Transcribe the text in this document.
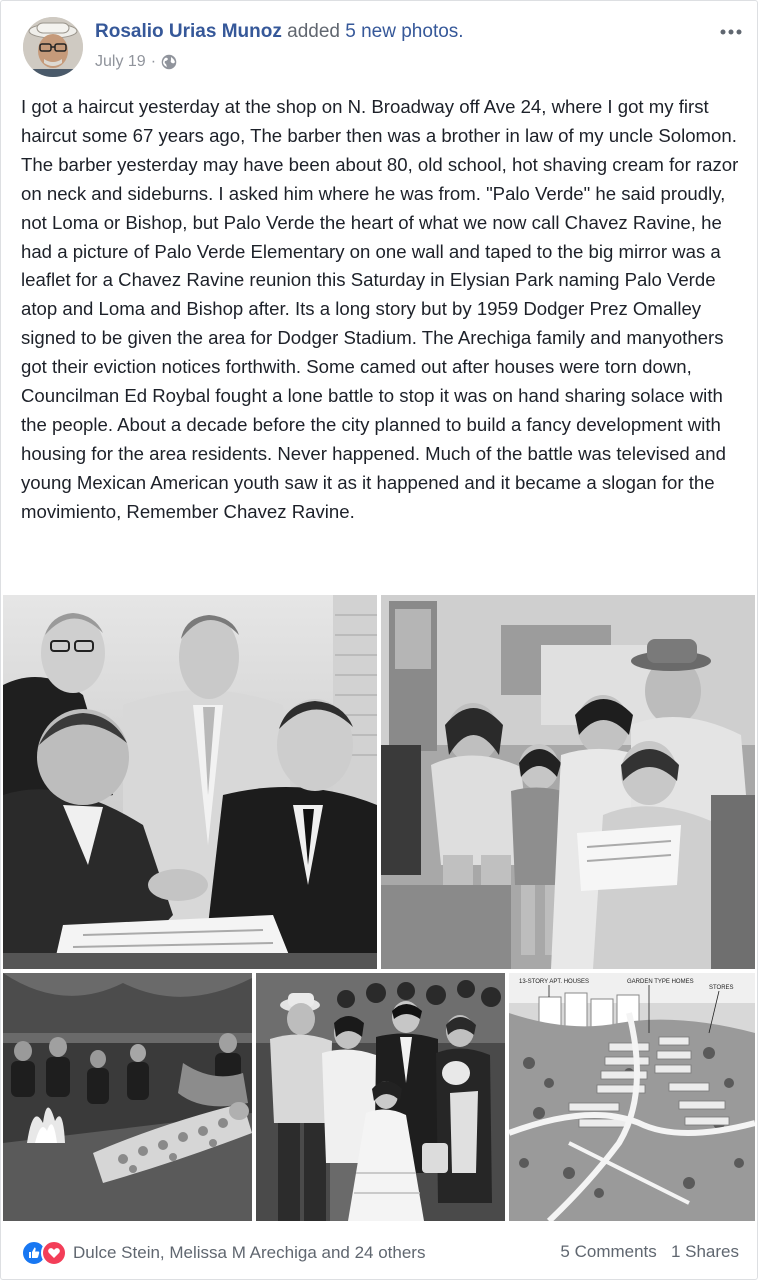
Rosalio Urias Munoz added 5 new photos.
July 19 ·
I got a haircut yesterday at the shop on N. Broadway off Ave 24, where I got my first haircut some 67 years ago, The barber then was a brother in law of my uncle Solomon. The barber yesterday may have been about 80, old school, hot shaving cream for razor on neck and sideburns. I asked him where he was from. "Palo Verde" he said proudly, not Loma or Bishop, but Palo Verde the heart of what we now call Chavez Ravine, he had a picture of Palo Verde Elementary on one wall and taped to the big mirror was a leaflet for a Chavez Ravine reunion this Saturday in Elysian Park naming Palo Verde atop and Loma and Bishop after. Its a long story but by 1959 Dodger Prez Omalley signed to be given the area for Dodger Stadium. The Arechiga family and manyothers got their eviction notices forthwith. Some camed out after houses were torn down, Councilman Ed Roybal fought a lone battle to stop it was on hand sharing solace with the people. About a decade before the city planned to build a fancy development with housing for the area residents. Never happened. Much of the battle was televised and young Mexican American youth saw it as it happened and it became a slogan for the movimiento, Remember Chavez Ravine.
13-STORY APT. HOUSES	GARDEN TYPE HOMES
STORES
Dulce Stein, Melissa M Arechiga and 24 others	5 Comments 1 Shares
